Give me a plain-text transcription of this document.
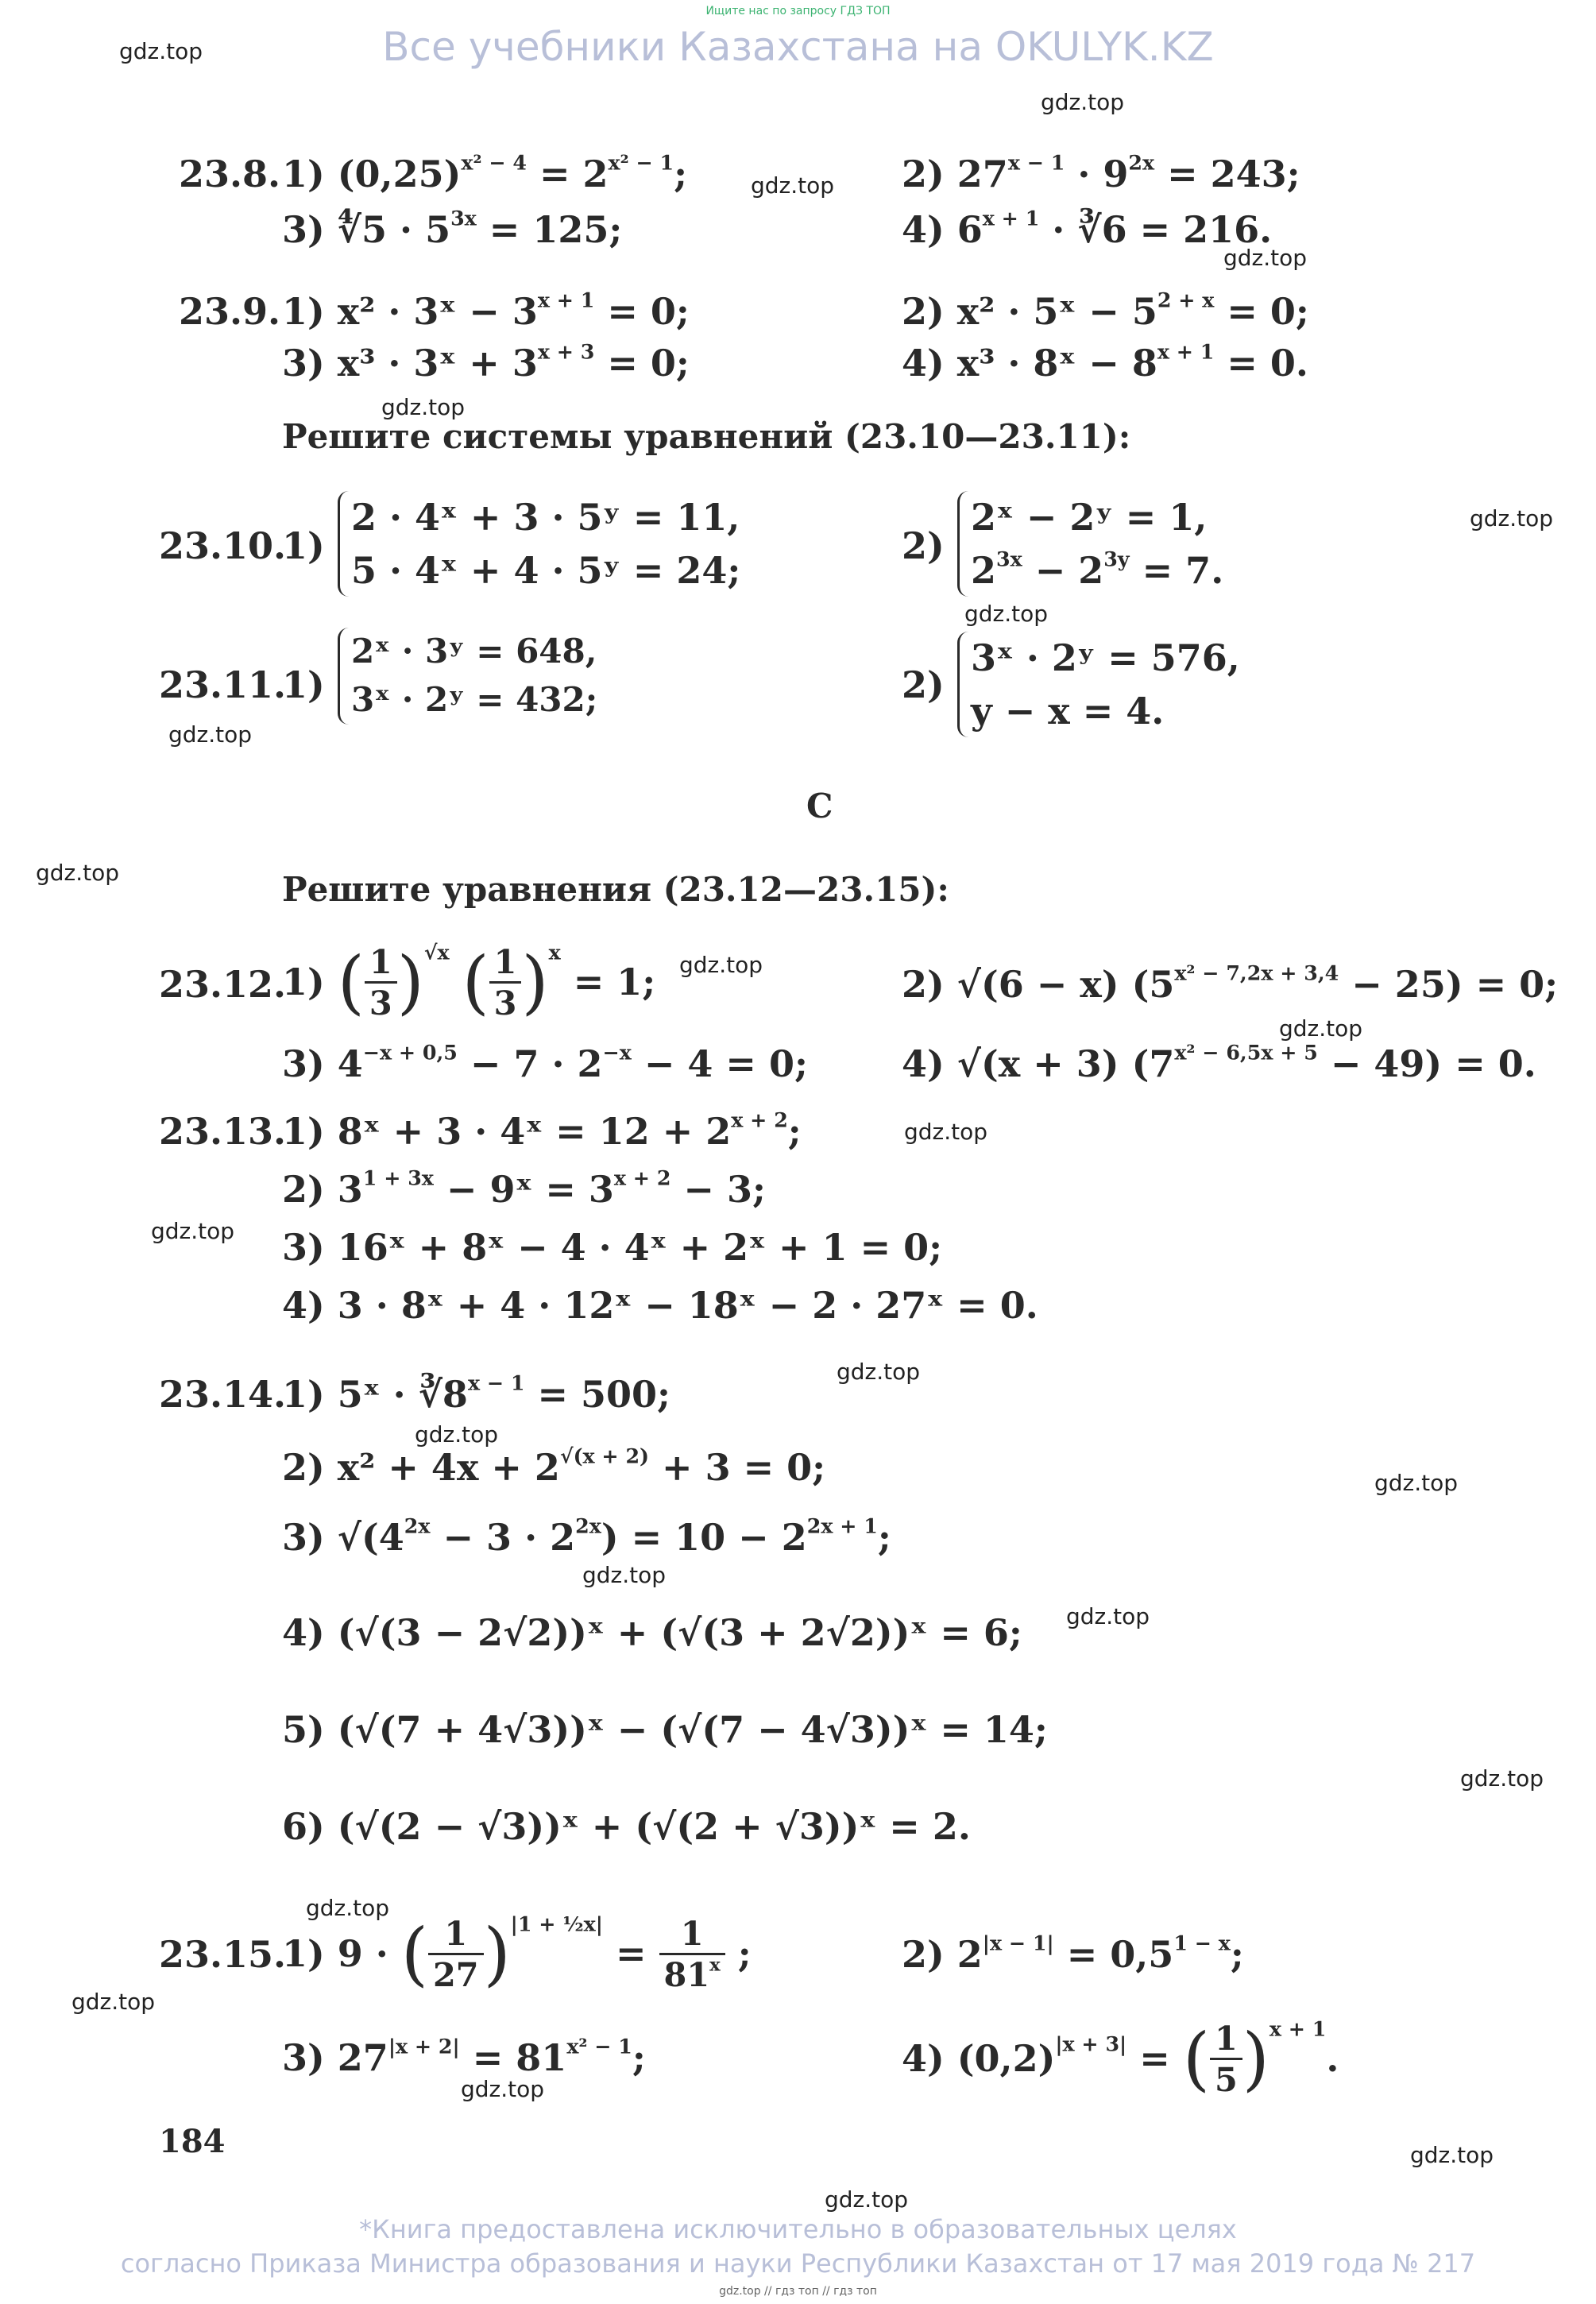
Ищите нас по запросу ГДЗ ТОП
Все учебники Казахстана на OKULYK.KZ
gdz.top
gdz.top
gdz.top
gdz.top
gdz.top
gdz.top
gdz.top
gdz.top
gdz.top
gdz.top
gdz.top
gdz.top
gdz.top
gdz.top
gdz.top
gdz.top
gdz.top
gdz.top
gdz.top
gdz.top
gdz.top
gdz.top
gdz.top
gdz.top
23.8. 1) $(0,25)^{x^2 - 4} = 2^{x^2 - 1}$;	2) $27^{x - 1} \cdot 9^{2x} = 243$;
3) ∜5 · $5^{3x} = 125$;	4) $6^{x + 1}$ · ∛6 = 216.
23.9. 1) x² · 3ˣ − $3^{x + 1} = 0$;	2) x² · 5ˣ − $5^{2 + x} = 0$;
3) x³ · 3ˣ + $3^{x + 3} = 0$;	4) x³ · 8ˣ − $8^{x + 1} = 0$.
Решите системы уравнений (23.10—23.11):
23.10.
1)
2 · 4ˣ + 3 · 5ʸ = 11,
5 · 4ˣ + 4 · 5ʸ = 24;
2)
2ˣ − 2ʸ = 1,
$2^{3x} - 2^{3y} = 7$.
23.11.
1)
2ˣ · 3ʸ = 648,
3ˣ · 2ʸ = 432;	2)
3ˣ · 2ʸ = 576,
y − x = 4.
C
Решите уравнения (23.12—23.15):
23.12.
1) ( $\frac{1}{3} )^{√x}$ ( $\frac{1}{3} )^x = 1$;	2) √(6 − x) $(5^{x^2 - 7,2x + 3,4} - 25) = 0$;
3) $4^{-x + 0,5} - 7 \cdot 2^{-x} - 4 = 0$;	4) √(x + 3) $(7^{x^2 - 6,5x + 5} - 49) = 0$.
23.13.
1) 8ˣ + 3 · 4ˣ = $12 + 2^{x + 2}$;
2) $3^{1 + 3x}$ − 9ˣ = $3^{x + 2} - 3$;
3) 16ˣ + 8ˣ − 4 · 4ˣ + 2ˣ + 1 = 0;
4) 3 · 8ˣ + 4 · 12ˣ − 18ˣ − 2 · 27ˣ = 0.
23.14.
1) 5ˣ · $∛8^{x - 1} = 500$;
2) $x^2 + 4x + 2^{√(x + 2)} + 3 = 0$;
3) $√(4^{2x} - 3 \cdot 2^{2x}) = 10 - 2^{2x + 1}$;
4) (√(3 − 2√2))ˣ + (√(3 + 2√2))ˣ = 6;
5) (√(7 + 4√3))ˣ − (√(7 − 4√3))ˣ = 14;
6) (√(2 − √3))ˣ + (√(2 + √3))ˣ = 2.
23.15.
1) 9 · ( $\frac{1}{27} )^{|1 + \frac{1}{2}x|} = \frac{1}{81^x}$ ;	2) $2^{|x - 1|} = 0,5^{1 - x}$;
3) $27^{|x + 2|} = 81^{x^2 - 1}$;	4) $(0,2)^{|x + 3|}$ = ( $\frac{1}{5} )^{x + 1}$.
184
*Книга предоставлена исключительно в образовательных целях
согласно Приказа Министра образования и науки Республики Казахстан от 17 мая 2019 года № 217
gdz.top // гдз топ // гдз топ
